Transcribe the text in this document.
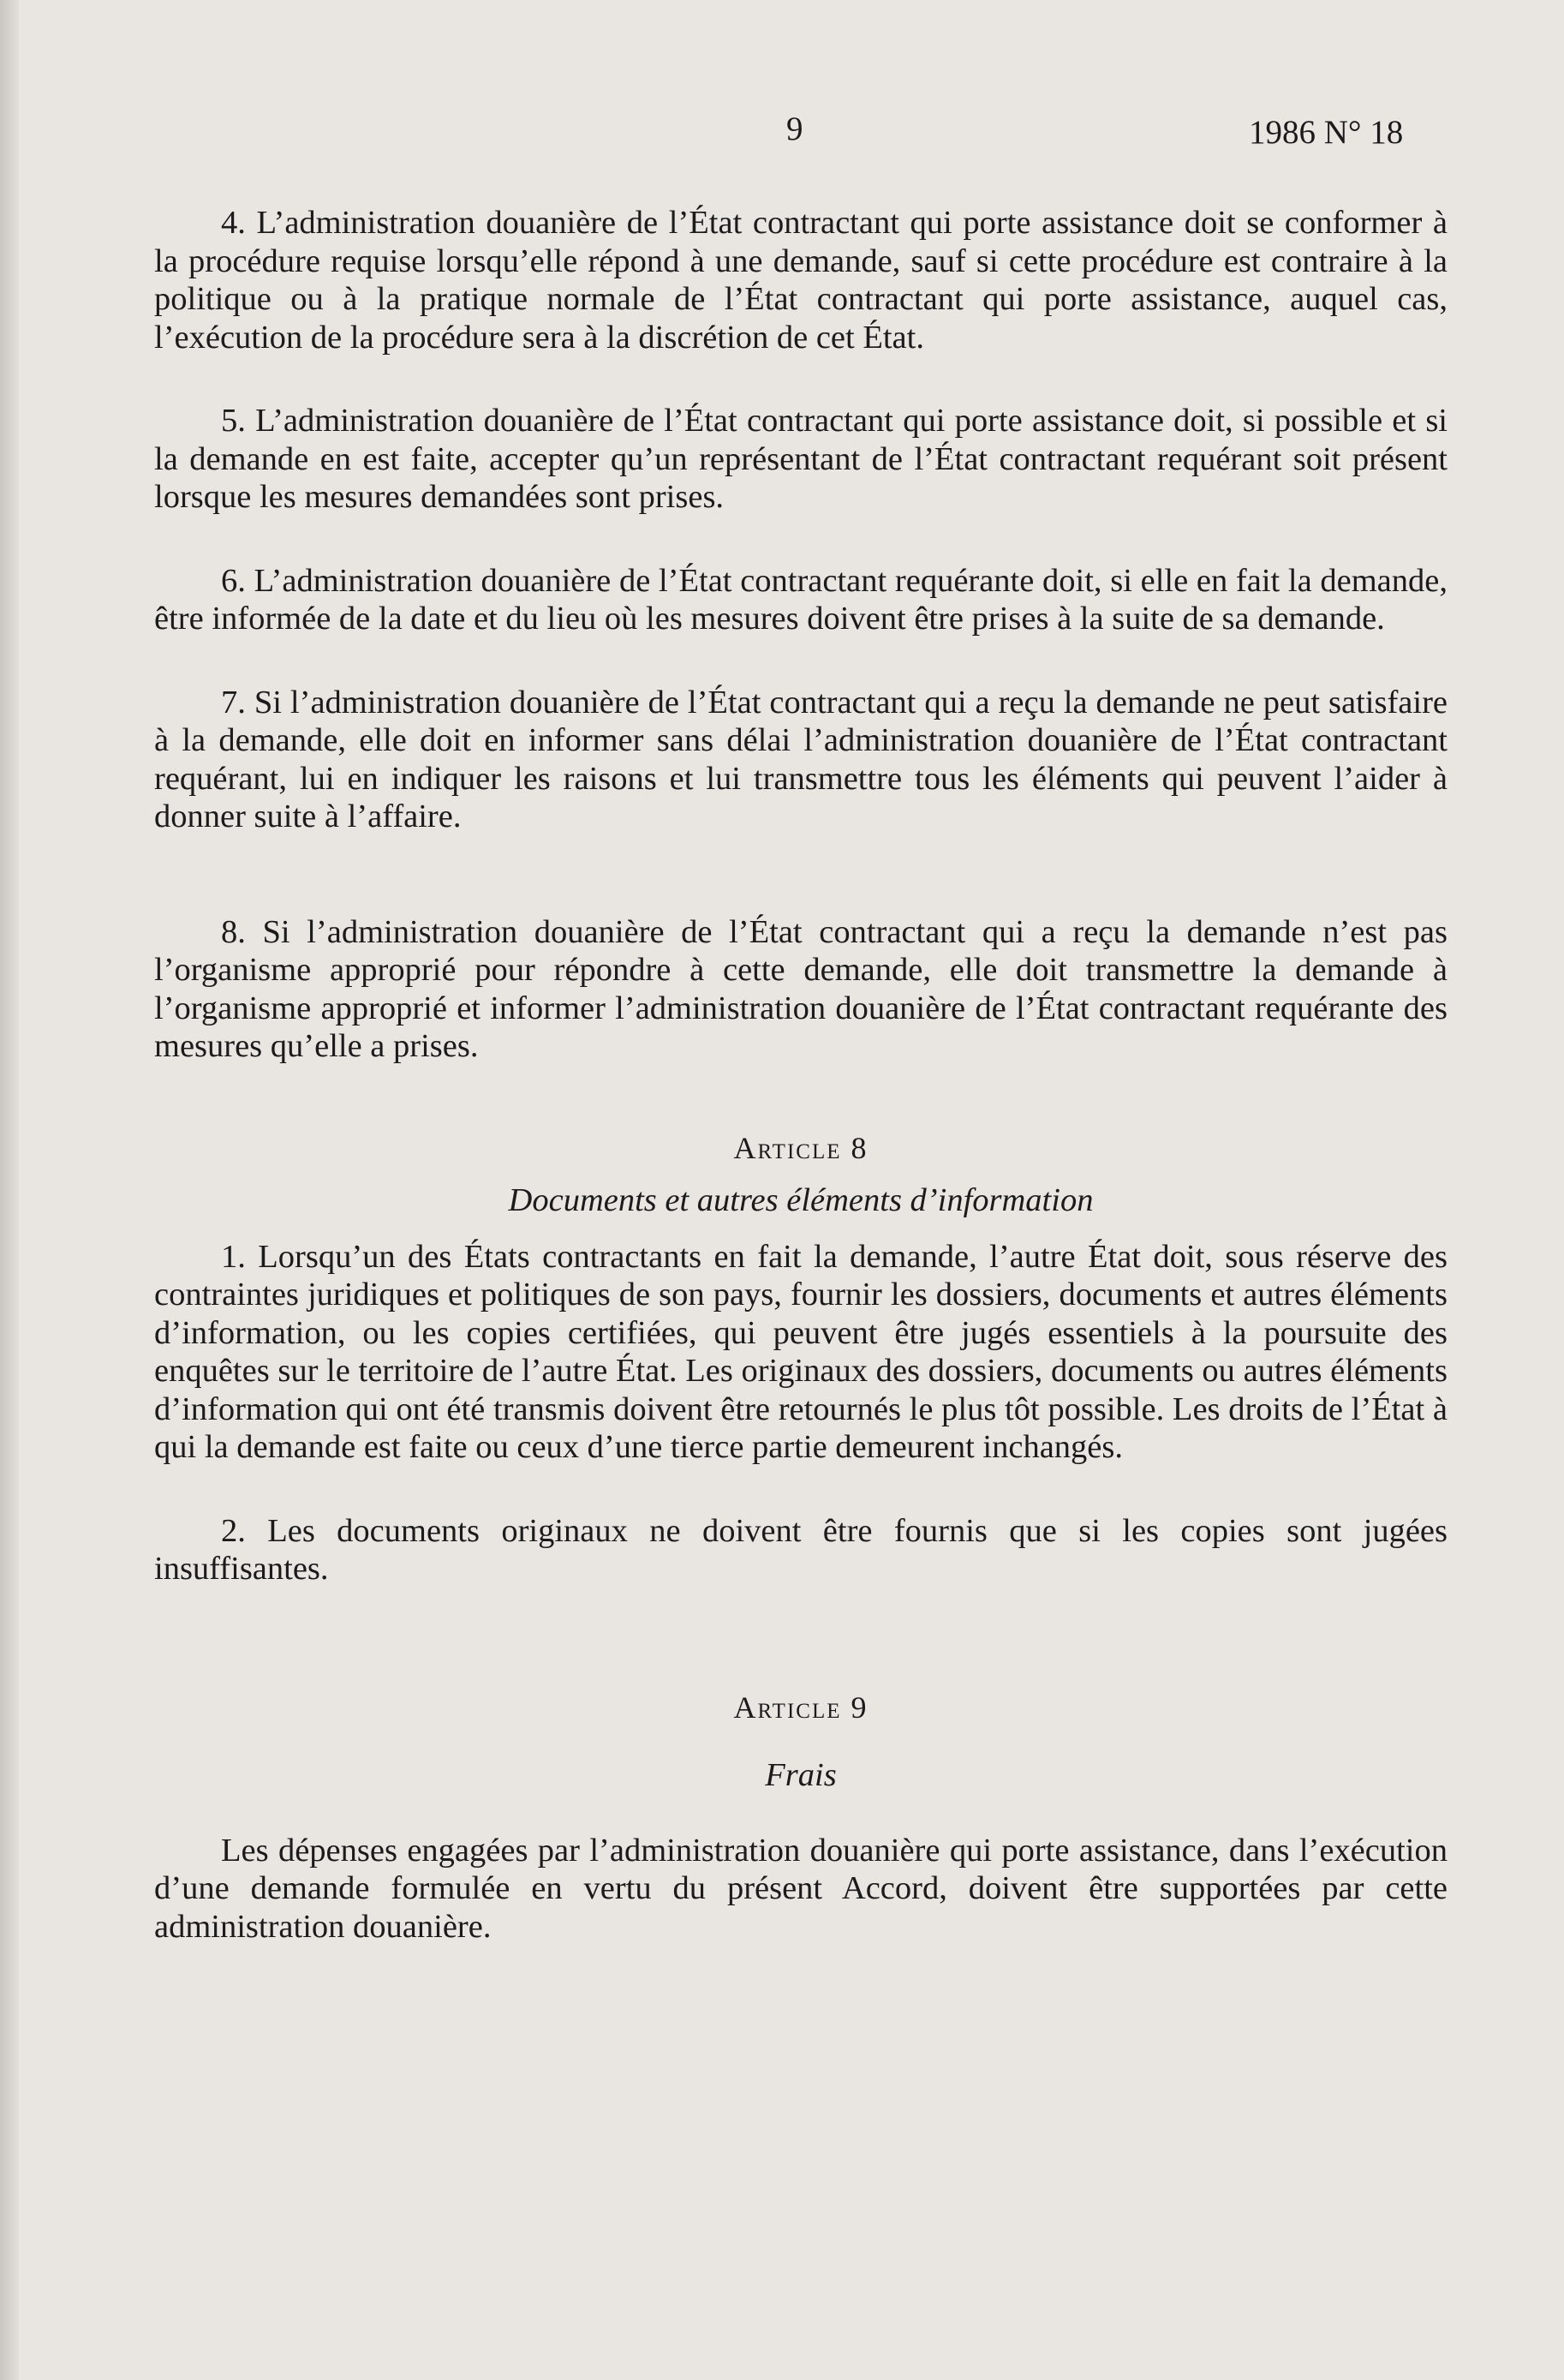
9	1986 N° 18

4. L’administration douanière de l’État contractant qui porte assistance doit se conformer à la procédure requise lorsqu’elle répond à une demande, sauf si cette procédure est contraire à la politique ou à la pratique normale de l’État contractant qui porte assistance, auquel cas, l’exécution de la procédure sera à la discrétion de cet État.

5. L’administration douanière de l’État contractant qui porte assistance doit, si possible et si la demande en est faite, accepter qu’un représentant de l’État contractant requérant soit présent lorsque les mesures demandées sont prises.

6. L’administration douanière de l’État contractant requérante doit, si elle en fait la demande, être informée de la date et du lieu où les mesures doivent être prises à la suite de sa demande.

7. Si l’administration douanière de l’État contractant qui a reçu la demande ne peut satisfaire à la demande, elle doit en informer sans délai l’administration douanière de l’État contractant requérant, lui en indiquer les raisons et lui transmettre tous les éléments qui peuvent l’aider à donner suite à l’affaire.

8. Si l’administration douanière de l’État contractant qui a reçu la demande n’est pas l’organisme approprié pour répondre à cette demande, elle doit transmettre la demande à l’organisme approprié et informer l’administration douanière de l’État contractant requérante des mesures qu’elle a prises.

Article 8
Documents et autres éléments d’information

1. Lorsqu’un des États contractants en fait la demande, l’autre État doit, sous réserve des contraintes juridiques et politiques de son pays, fournir les dossiers, documents et autres éléments d’information, ou les copies certifiées, qui peuvent être jugés essentiels à la poursuite des enquêtes sur le territoire de l’autre État. Les originaux des dossiers, documents ou autres éléments d’information qui ont été transmis doivent être retournés le plus tôt possible. Les droits de l’État à qui la demande est faite ou ceux d’une tierce partie demeurent inchangés.

2. Les documents originaux ne doivent être fournis que si les copies sont jugées insuffisantes.

Article 9
Frais

Les dépenses engagées par l’administration douanière qui porte assistance, dans l’exécution d’une demande formulée en vertu du présent Accord, doivent être supportées par cette administration douanière.
